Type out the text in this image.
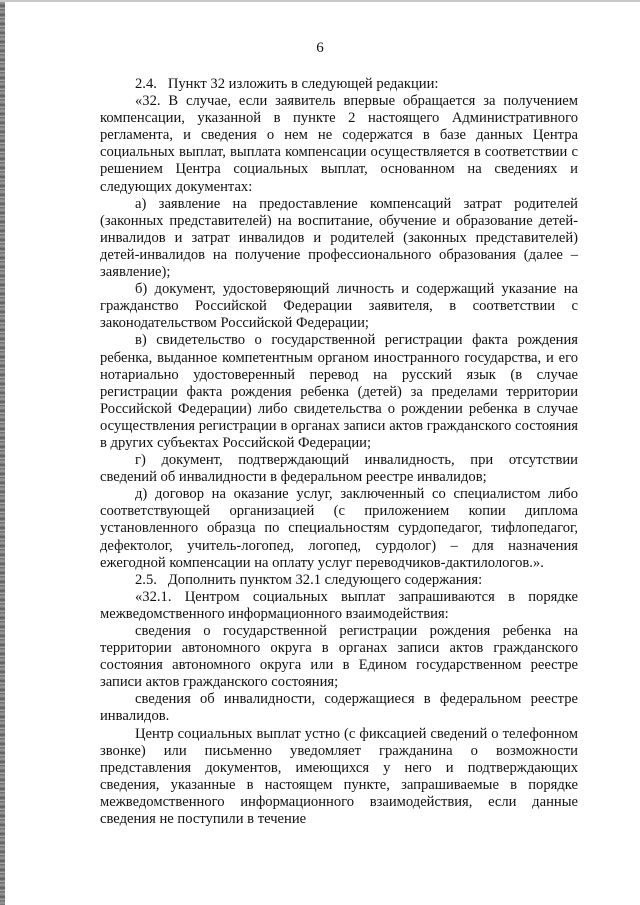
6

2.4.   Пункт 32 изложить в следующей редакции:

«32. В случае, если заявитель впервые обращается за получением компенсации, указанной в пункте 2 настоящего Административного регламента, и сведения о нем не содержатся в базе данных Центра социальных выплат, выплата компенсации осуществляется в соответствии с решением Центра социальных выплат, основанном на сведениях и следующих документах:

а) заявление на предоставление компенсаций затрат родителей (законных представителей) на воспитание, обучение и образование детей-инвалидов и затрат инвалидов и родителей (законных представителей) детей-инвалидов на получение профессионального образования (далее – заявление);

б) документ, удостоверяющий личность и содержащий указание на гражданство Российской Федерации заявителя, в соответствии с законодательством Российской Федерации;

в) свидетельство о государственной регистрации факта рождения ребенка, выданное компетентным органом иностранного государства, и его нотариально удостоверенный перевод на русский язык (в случае регистрации факта рождения ребенка (детей) за пределами территории Российской Федерации) либо свидетельства о рождении ребенка в случае осуществления регистрации в органах записи актов гражданского состояния в других субъектах Российской Федерации;

г) документ, подтверждающий инвалидность, при отсутствии сведений об инвалидности в федеральном реестре инвалидов;

д) договор на оказание услуг, заключенный со специалистом либо соответствующей организацией (с приложением копии диплома установленного образца по специальностям сурдопедагог, тифлопедагог, дефектолог, учитель-логопед, логопед, сурдолог) – для назначения ежегодной компенсации на оплату услуг переводчиков-дактилологов.».

2.5.   Дополнить пунктом 32.1 следующего содержания:

«32.1. Центром социальных выплат запрашиваются в порядке межведомственного информационного взаимодействия:

сведения о государственной регистрации рождения ребенка на территории автономного округа в органах записи актов гражданского состояния автономного округа или в Едином государственном реестре записи актов гражданского состояния;

сведения об инвалидности, содержащиеся в федеральном реестре инвалидов.

Центр социальных выплат устно (с фиксацией сведений о телефонном звонке) или письменно уведомляет гражданина о возможности представления документов, имеющихся у него и подтверждающих сведения, указанные в настоящем пункте, запрашиваемые в порядке межведомственного информационного взаимодействия, если данные сведения не поступили в течение
